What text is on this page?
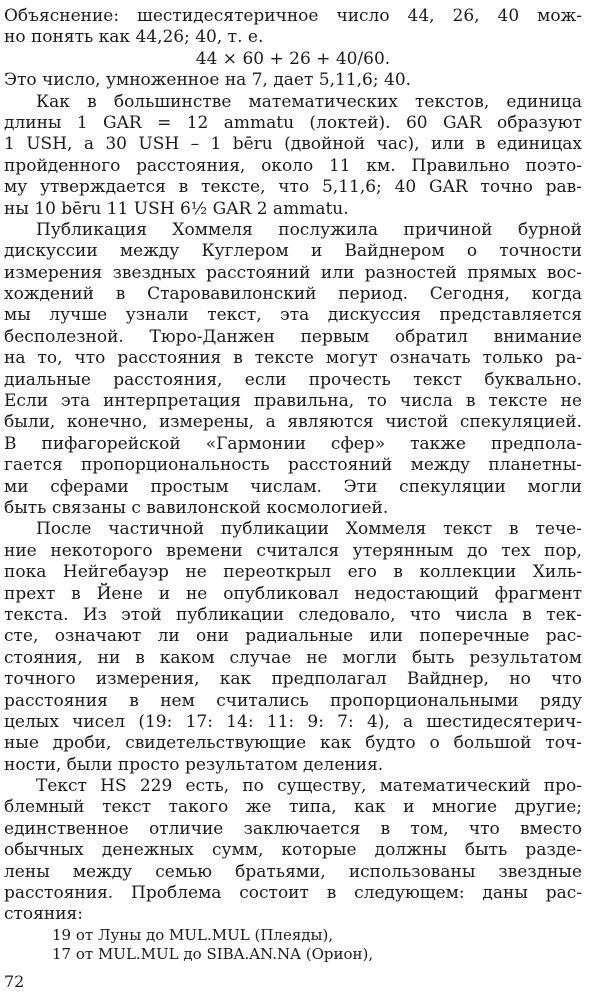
Объяснение: шестидесятеричное число 44, 26, 40 мож-
но понять как 44,26; 40, т. е.
44 × 60 + 26 + 40/60.
Это число, умноженное на 7, дает 5,11,6; 40.
Как в большинстве математических текстов, единица
длины 1 GAR = 12 ammatu (локтей). 60 GAR образуют
1 USH, а 30 USH – 1 bēru (двойной час), или в единицах
пройденного расстояния, около 11 км. Правильно поэто-
му утверждается в тексте, что 5,11,6; 40 GAR точно рав-
ны 10 bēru 11 USH 6½ GAR 2 ammatu.
Публикация Хоммеля послужила причиной бурной
дискуссии между Куглером и Вайднером о точности
измерения звездных расстояний или разностей прямых вос-
хождений в Старовавилонский период. Сегодня, когда
мы лучше узнали текст, эта дискуссия представляется
бесполезной. Тюро-Данжен первым обратил внимание
на то, что расстояния в тексте могут означать только ра-
диальные расстояния, если прочесть текст буквально.
Если эта интерпретация правильна, то числа в тексте не
были, конечно, измерены, а являются чистой спекуляцией.
В пифагорейской «Гармонии сфер» также предпола-
гается пропорциональность расстояний между планетны-
ми сферами простым числам. Эти спекуляции могли
быть связаны с вавилонской космологией.
После частичной публикации Хоммеля текст в тече-
ние некоторого времени считался утерянным до тех пор,
пока Нейгебауэр не переоткрыл его в коллекции Хиль-
прехт в Йене и не опубликовал недостающий фрагмент
текста. Из этой публикации следовало, что числа в тек-
сте, означают ли они радиальные или поперечные рас-
стояния, ни в каком случае не могли быть результатом
точного измерения, как предполагал Вайднер, но что
расстояния в нем считались пропорциональными ряду
целых чисел (19: 17: 14: 11: 9: 7: 4), а шестидесятерич-
ные дроби, свидетельствующие как будто о большой точ-
ности, были просто результатом деления.
Текст HS 229 есть, по существу, математический про-
блемный текст такого же типа, как и многие другие;
единственное отличие заключается в том, что вместо
обычных денежных сумм, которые должны быть разде-
лены между семью братьями, использованы звездные
расстояния. Проблема состоит в следующем: даны рас-
стояния:
19 от Луны до MUL.MUL (Плеяды),
17 от MUL.MUL до SIBA.AN.NA (Орион),
72
